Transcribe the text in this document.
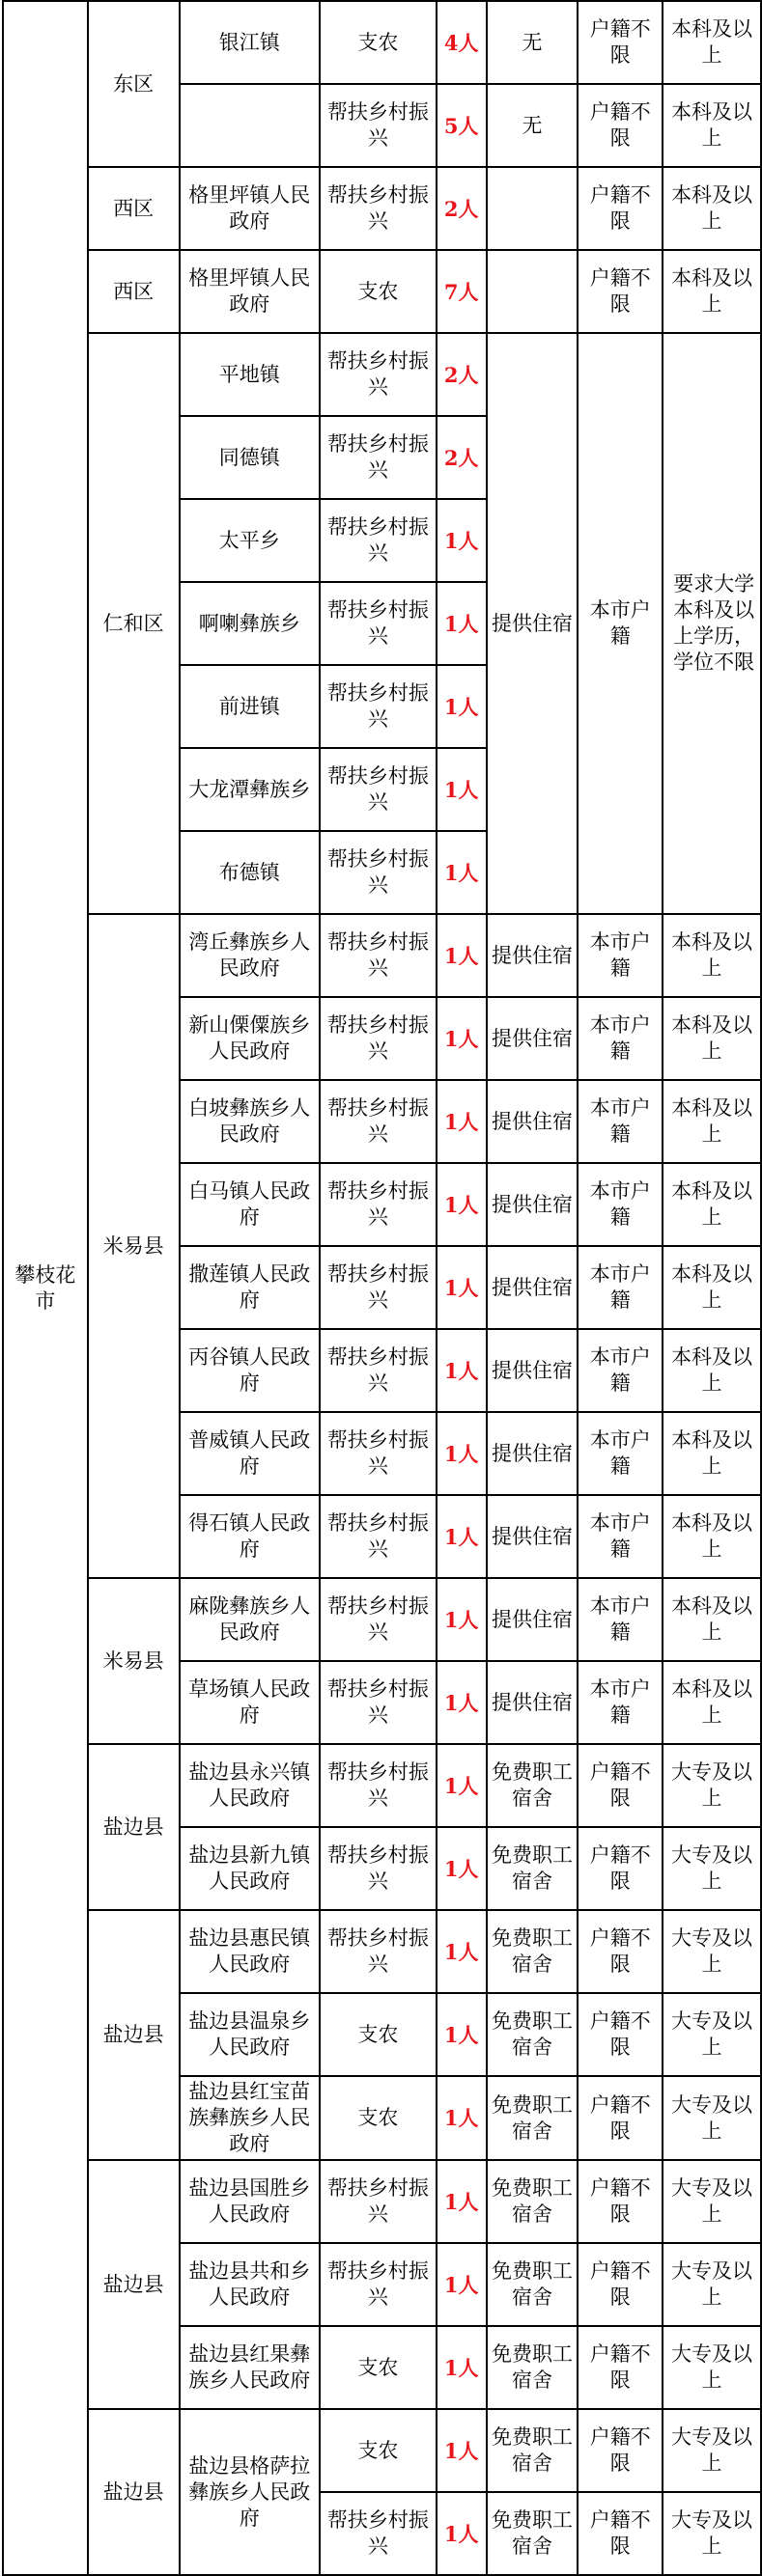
攀枝花市	东区	银江镇	支农	4人	无	户籍不限	本科及以上
			帮扶乡村振兴	5人	无	户籍不限	本科及以上
	西区	格里坪镇人民政府	帮扶乡村振兴	2人		户籍不限	本科及以上
	西区	格里坪镇人民政府	支农	7人		户籍不限	本科及以上
	仁和区	平地镇	帮扶乡村振兴	2人	提供住宿	本市户籍	要求大学本科及以上学历，学位不限
		同德镇	帮扶乡村振兴	2人			
		太平乡	帮扶乡村振兴	1人			
		啊喇彝族乡	帮扶乡村振兴	1人			
		前进镇	帮扶乡村振兴	1人			
		大龙潭彝族乡	帮扶乡村振兴	1人			
		布德镇	帮扶乡村振兴	1人			
	米易县	湾丘彝族乡人民政府	帮扶乡村振兴	1人	提供住宿	本市户籍	本科及以上
		新山傈僳族乡人民政府	帮扶乡村振兴	1人	提供住宿	本市户籍	本科及以上
		白坡彝族乡人民政府	帮扶乡村振兴	1人	提供住宿	本市户籍	本科及以上
		白马镇人民政府	帮扶乡村振兴	1人	提供住宿	本市户籍	本科及以上
		撒莲镇人民政府	帮扶乡村振兴	1人	提供住宿	本市户籍	本科及以上
		丙谷镇人民政府	帮扶乡村振兴	1人	提供住宿	本市户籍	本科及以上
		普威镇人民政府	帮扶乡村振兴	1人	提供住宿	本市户籍	本科及以上
		得石镇人民政府	帮扶乡村振兴	1人	提供住宿	本市户籍	本科及以上
	米易县	麻陇彝族乡人民政府	帮扶乡村振兴	1人	提供住宿	本市户籍	本科及以上
		草场镇人民政府	帮扶乡村振兴	1人	提供住宿	本市户籍	本科及以上
	盐边县	盐边县永兴镇人民政府	帮扶乡村振兴	1人	免费职工宿舍	户籍不限	大专及以上
		盐边县新九镇人民政府	帮扶乡村振兴	1人	免费职工宿舍	户籍不限	大专及以上
	盐边县	盐边县惠民镇人民政府	帮扶乡村振兴	1人	免费职工宿舍	户籍不限	大专及以上
		盐边县温泉乡人民政府	支农	1人	免费职工宿舍	户籍不限	大专及以上
		盐边县红宝苗族彝族乡人民政府	支农	1人	免费职工宿舍	户籍不限	大专及以上
	盐边县	盐边县国胜乡人民政府	帮扶乡村振兴	1人	免费职工宿舍	户籍不限	大专及以上
		盐边县共和乡人民政府	帮扶乡村振兴	1人	免费职工宿舍	户籍不限	大专及以上
		盐边县红果彝族乡人民政府	支农	1人	免费职工宿舍	户籍不限	大专及以上
	盐边县	盐边县格萨拉彝族乡人民政府	支农	1人	免费职工宿舍	户籍不限	大专及以上
			帮扶乡村振兴	1人	免费职工宿舍	户籍不限	大专及以上
